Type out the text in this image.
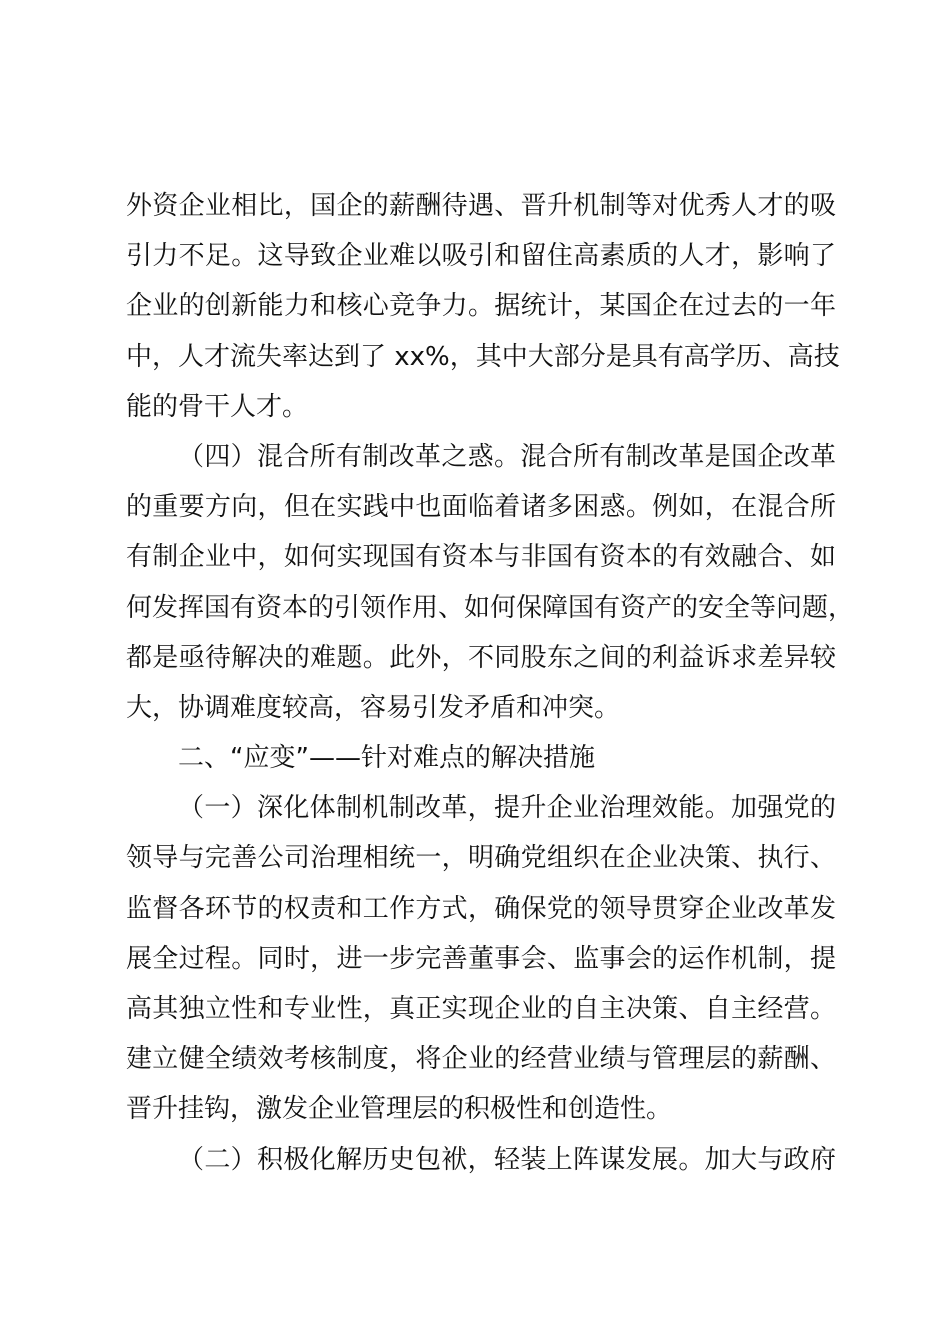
外资企业相比，国企的薪酬待遇、晋升机制等对优秀人才的吸
引力不足。这导致企业难以吸引和留住高素质的人才，影响了
企业的创新能力和核心竞争力。据统计，某国企在过去的一年
中，人才流失率达到了 xx%，其中大部分是具有高学历、高技
能的骨干人才。
（四）混合所有制改革之惑。混合所有制改革是国企改革
的重要方向，但在实践中也面临着诸多困惑。例如，在混合所
有制企业中，如何实现国有资本与非国有资本的有效融合、如
何发挥国有资本的引领作用、如何保障国有资产的安全等问题，
都是亟待解决的难题。此外，不同股东之间的利益诉求差异较
大，协调难度较高，容易引发矛盾和冲突。
二、“应变”——针对难点的解决措施
（一）深化体制机制改革，提升企业治理效能。加强党的
领导与完善公司治理相统一，明确党组织在企业决策、执行、
监督各环节的权责和工作方式，确保党的领导贯穿企业改革发
展全过程。同时，进一步完善董事会、监事会的运作机制，提
高其独立性和专业性，真正实现企业的自主决策、自主经营。
建立健全绩效考核制度，将企业的经营业绩与管理层的薪酬、
晋升挂钩，激发企业管理层的积极性和创造性。
（二）积极化解历史包袱，轻装上阵谋发展。加大与政府
